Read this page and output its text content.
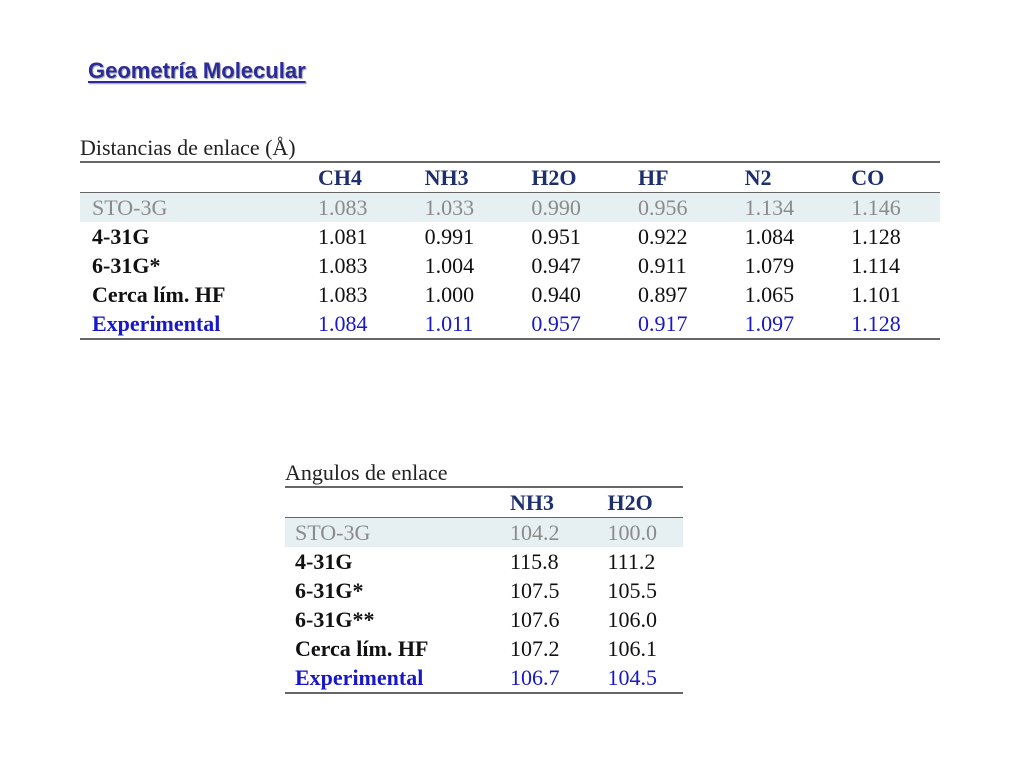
Geometría Molecular
Distancias de enlace (Å)
	CH4	NH3	H2O	HF	N2	CO
STO-3G	1.083	1.033	0.990	0.956	1.134	1.146
4-31G	1.081	0.991	0.951	0.922	1.084	1.128
6-31G*	1.083	1.004	0.947	0.911	1.079	1.114
Cerca lím. HF	1.083	1.000	0.940	0.897	1.065	1.101
Experimental	1.084	1.011	0.957	0.917	1.097	1.128
Angulos de enlace
	NH3	H2O
STO-3G	104.2	100.0
4-31G	115.8	111.2
6-31G*	107.5	105.5
6-31G**	107.6	106.0
Cerca lím. HF	107.2	106.1
Experimental	106.7	104.5
